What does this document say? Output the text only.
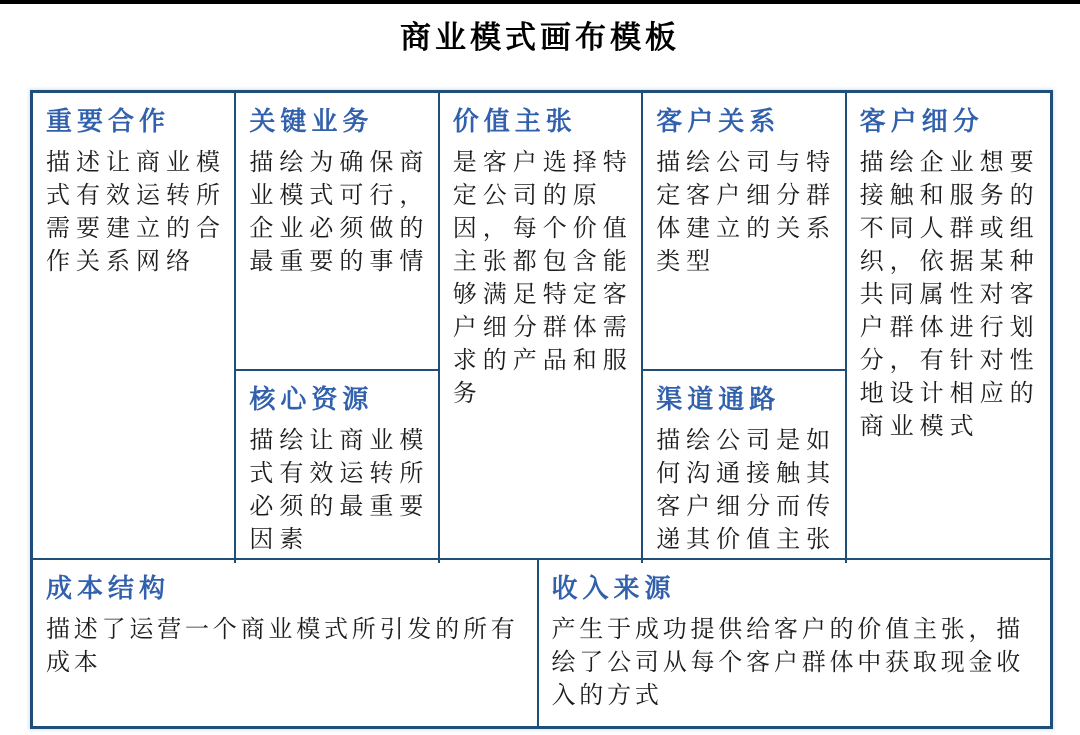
商业模式画布模板
重要合作

描述让商业模式有效运转所需要建立的合作关系网络

关键业务

描绘为确保商业模式可行，企业必须做的最重要的事情

核心资源

描绘让商业模式有效运转所必须的最重要因素

价值主张

是客户选择特定公司的原因，每个价值主张都包含能够满足特定客户细分群体需求的产品和服务

客户关系

描绘公司与特定客户细分群体建立的关系类型

渠道通路

描绘公司是如何沟通接触其客户细分而传递其价值主张

客户细分

描绘企业想要接触和服务的不同人群或组织，依据某种共同属性对客户群体进行划分，有针对性地设计相应的商业模式

成本结构

描述了运营一个商业模式所引发的所有成本

收入来源

产生于成功提供给客户的价值主张，描绘了公司从每个客户群体中获取现金收入的方式
